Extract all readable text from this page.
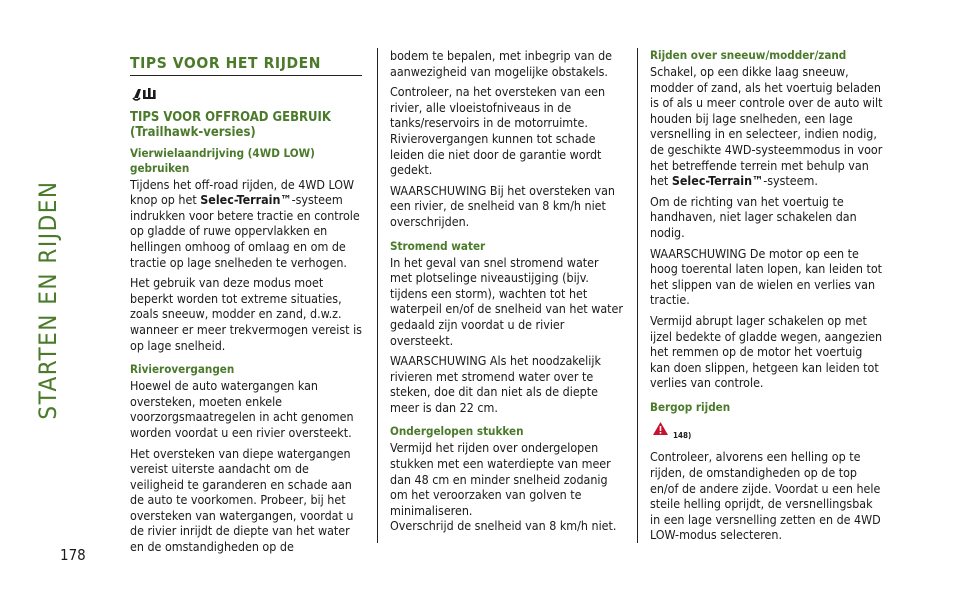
STARTEN EN RIJDEN
178
TIPS VOOR HET RIJDEN
TIPS VOOR OFFROAD GEBRUIK (Trailhawk-versies)
Vierwielaandrijving (4WD LOW) gebruiken

Tijdens het off-road rijden, de 4WD LOW knop op het Selec-Terrain™-systeem indrukken voor betere tractie en controle op gladde of ruwe oppervlakken en hellingen omhoog of omlaag en om de tractie op lage snelheden te verhogen.

Het gebruik van deze modus moet beperkt worden tot extreme situaties, zoals sneeuw, modder en zand, d.w.z. wanneer er meer trekvermogen vereist is op lage snelheid.

Rivierovergangen

Hoewel de auto watergangen kan oversteken, moeten enkele voorzorgsmaatregelen in acht genomen worden voordat u een rivier oversteekt.

Het oversteken van diepe watergangen vereist uiterste aandacht om de veiligheid te garanderen en schade aan de auto te voorkomen. Probeer, bij het oversteken van watergangen, voordat u de rivier inrijdt de diepte van het water en de omstandigheden op de

bodem te bepalen, met inbegrip van de aanwezigheid van mogelijke obstakels.

Controleer, na het oversteken van een rivier, alle vloeistofniveaus in de tanks/reservoirs in de motorruimte. Rivierovergangen kunnen tot schade leiden die niet door de garantie wordt gedekt.

WAARSCHUWING Bij het oversteken van een rivier, de snelheid van 8 km/h niet overschrijden.

Stromend water

In het geval van snel stromend water met plotselinge niveaustijging (bijv. tijdens een storm), wachten tot het waterpeil en/of de snelheid van het water gedaald zijn voordat u de rivier oversteekt.

WAARSCHUWING Als het noodzakelijk rivieren met stromend water over te steken, doe dit dan niet als de diepte meer is dan 22 cm.

Ondergelopen stukken

Vermijd het rijden over ondergelopen stukken met een waterdiepte van meer dan 48 cm en minder snelheid zodanig om het veroorzaken van golven te minimaliseren.

Overschrijd de snelheid van 8 km/h niet.

Rijden over sneeuw/modder/zand

Schakel, op een dikke laag sneeuw, modder of zand, als het voertuig beladen is of als u meer controle over de auto wilt houden bij lage snelheden, een lage versnelling in en selecteer, indien nodig, de geschikte 4WD-systeemmodus in voor het betreffende terrein met behulp van het Selec-Terrain™-systeem.

Om de richting van het voertuig te handhaven, niet lager schakelen dan nodig.

WAARSCHUWING De motor op een te hoog toerental laten lopen, kan leiden tot het slippen van de wielen en verlies van tractie.

Vermijd abrupt lager schakelen op met ijzel bedekte of gladde wegen, aangezien het remmen op de motor het voertuig kan doen slippen, hetgeen kan leiden tot verlies van controle.

Bergop rijden
148)

Controleer, alvorens een helling op te rijden, de omstandigheden op de top en/of de andere zijde. Voordat u een hele steile helling oprijdt, de versnellingsbak in een lage versnelling zetten en de 4WD LOW-modus selecteren.
